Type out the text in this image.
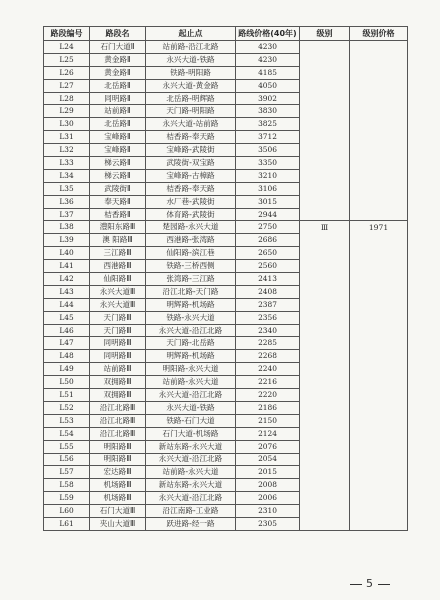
路段编号	路段名	起止点	路线价格(40年)	级别	级别价格
L24	石门大道Ⅱ	站前路-沿江北路	4230		
L25	黄金路Ⅱ	永兴大道-铁路	4230		
L26	黄金路Ⅱ	铁路-明阳路	4185		
L27	北岳路Ⅱ	永兴大道-黄金路	4050		
L28	同明路Ⅱ	北岳路-明辉路	3902		
L29	站前路Ⅱ	天门路-明阳路	3830		
L30	北岳路Ⅱ	永兴大道-站前路	3825		
L31	宝峰路Ⅱ	桔香路-奉天路	3712		
L32	宝峰路Ⅱ	宝峰路-武陵街	3506		
L33	梯云路Ⅱ	武陵街-双宝路	3350		
L34	梯云路Ⅱ	宝峰路-古樟路	3210		
L35	武陵街Ⅱ	桔香路-奉天路	3106		
L36	奉天路Ⅱ	水厂巷-武陵街	3015		
L37	桔香路Ⅱ	体育路-武陵街	2944		
L38	澧阳东路Ⅲ	楚园路-永兴大道	2750	Ⅲ	1971
L39	澳 阳路Ⅲ	西港路-张湾路	2686		
L40	三江路Ⅲ	仙阳路-滨江巷	2650		
L41	西港路Ⅲ	铁路-三桥西侧	2560		
L42	仙阳路Ⅲ	张湾路-三江路	2413		
L43	永兴大道Ⅲ	沿江北路-天门路	2408		
L44	永兴大道Ⅲ	明辉路-机场路	2387		
L45	天门路Ⅲ	铁路-永兴大道	2356		
L46	天门路Ⅲ	永兴大道-沿江北路	2340		
L47	同明路Ⅲ	天门路-北岳路	2285		
L48	同明路Ⅲ	明辉路-机场路	2268		
L49	站前路Ⅲ	明阳路-永兴大道	2240		
L50	双拥路Ⅲ	站前路-永兴大道	2216		
L51	双拥路Ⅲ	永兴大道-沿江北路	2220		
L52	沿江北路Ⅲ	永兴大道-铁路	2186		
L53	沿江北路Ⅲ	铁路-石门大道	2150		
L54	沿江北路Ⅲ	石门大道-机场路	2124		
L55	明阳路Ⅲ	新站东路-永兴大道	2076		
L56	明阳路Ⅲ	永兴大道-沿江北路	2054		
L57	宏达路Ⅲ	站前路-永兴大道	2015		
L58	机场路Ⅲ	新站东路-永兴大道	2008		
L59	机场路Ⅲ	永兴大道-沿江北路	2006		
L60	石门大道Ⅲ	沿江南路-工业路	2310		
L61	夹山大道Ⅲ	跃进路-经一路	2305		
5
